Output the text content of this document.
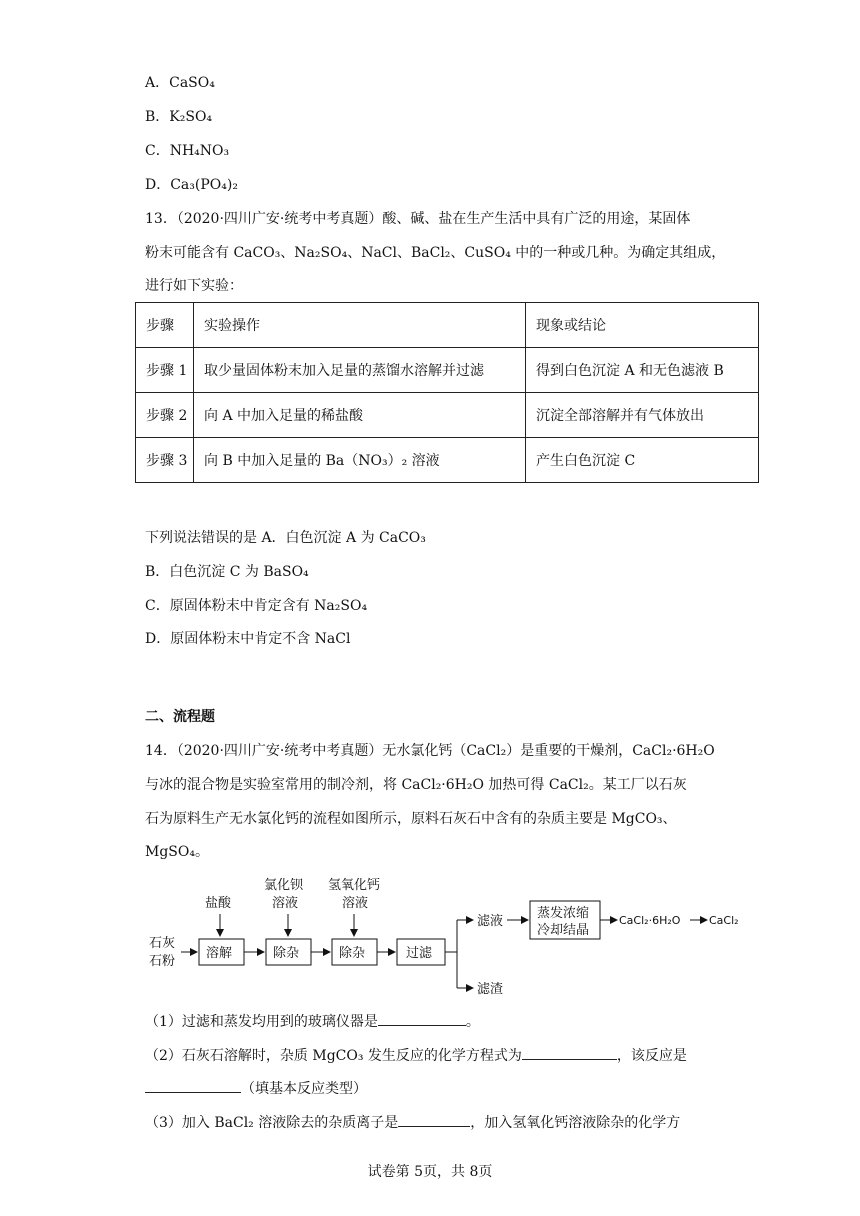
A．CaSO₄
B．K₂SO₄
C．NH₄NO₃
D．Ca₃(PO₄)₂
13．（2020·四川广安·统考中考真题）酸、碱、盐在生产生活中具有广泛的用途，某固体
粉末可能含有 CaCO₃、Na₂SO₄、NaCl、BaCl₂、CuSO₄ 中的一种或几种。为确定其组成，
进行如下实验：
步骤	实验操作	现象或结论
步骤 1	取少量固体粉末加入足量的蒸馏水溶解并过滤	得到白色沉淀 A 和无色滤液 B
步骤 2	向 A 中加入足量的稀盐酸	沉淀全部溶解并有气体放出
步骤 3	向 B 中加入足量的 Ba（NO₃）₂ 溶液	产生白色沉淀 C
下列说法错误的是 A．白色沉淀 A 为 CaCO₃
B．白色沉淀 C 为 BaSO₄
C．原固体粉末中肯定含有 Na₂SO₄
D．原固体粉末中肯定不含 NaCl
二、流程题
14．（2020·四川广安·统考中考真题）无水氯化钙（CaCl₂）是重要的干燥剂，CaCl₂·6H₂O
与冰的混合物是实验室常用的制冷剂，将 CaCl₂·6H₂O 加热可得 CaCl₂。某工厂以石灰
石为原料生产无水氯化钙的流程如图所示，原料石灰石中含有的杂质主要是 MgCO₃、
MgSO₄。
盐酸
氯化钡
溶液
氢氧化钙
溶液
石灰
石粉
溶解	除杂	除杂	过滤
滤液
滤渣
蒸发浓缩
冷却结晶
CaCl₂·6H₂O	CaCl₂
（1）过滤和蒸发均用到的玻璃仪器是	。
（2）石灰石溶解时，杂质 MgCO₃ 发生反应的化学方程式为	，该反应是
（填基本反应类型）
（3）加入 BaCl₂ 溶液除去的杂质离子是	，加入氢氧化钙溶液除杂的化学方
试卷第 5页，共 8页
